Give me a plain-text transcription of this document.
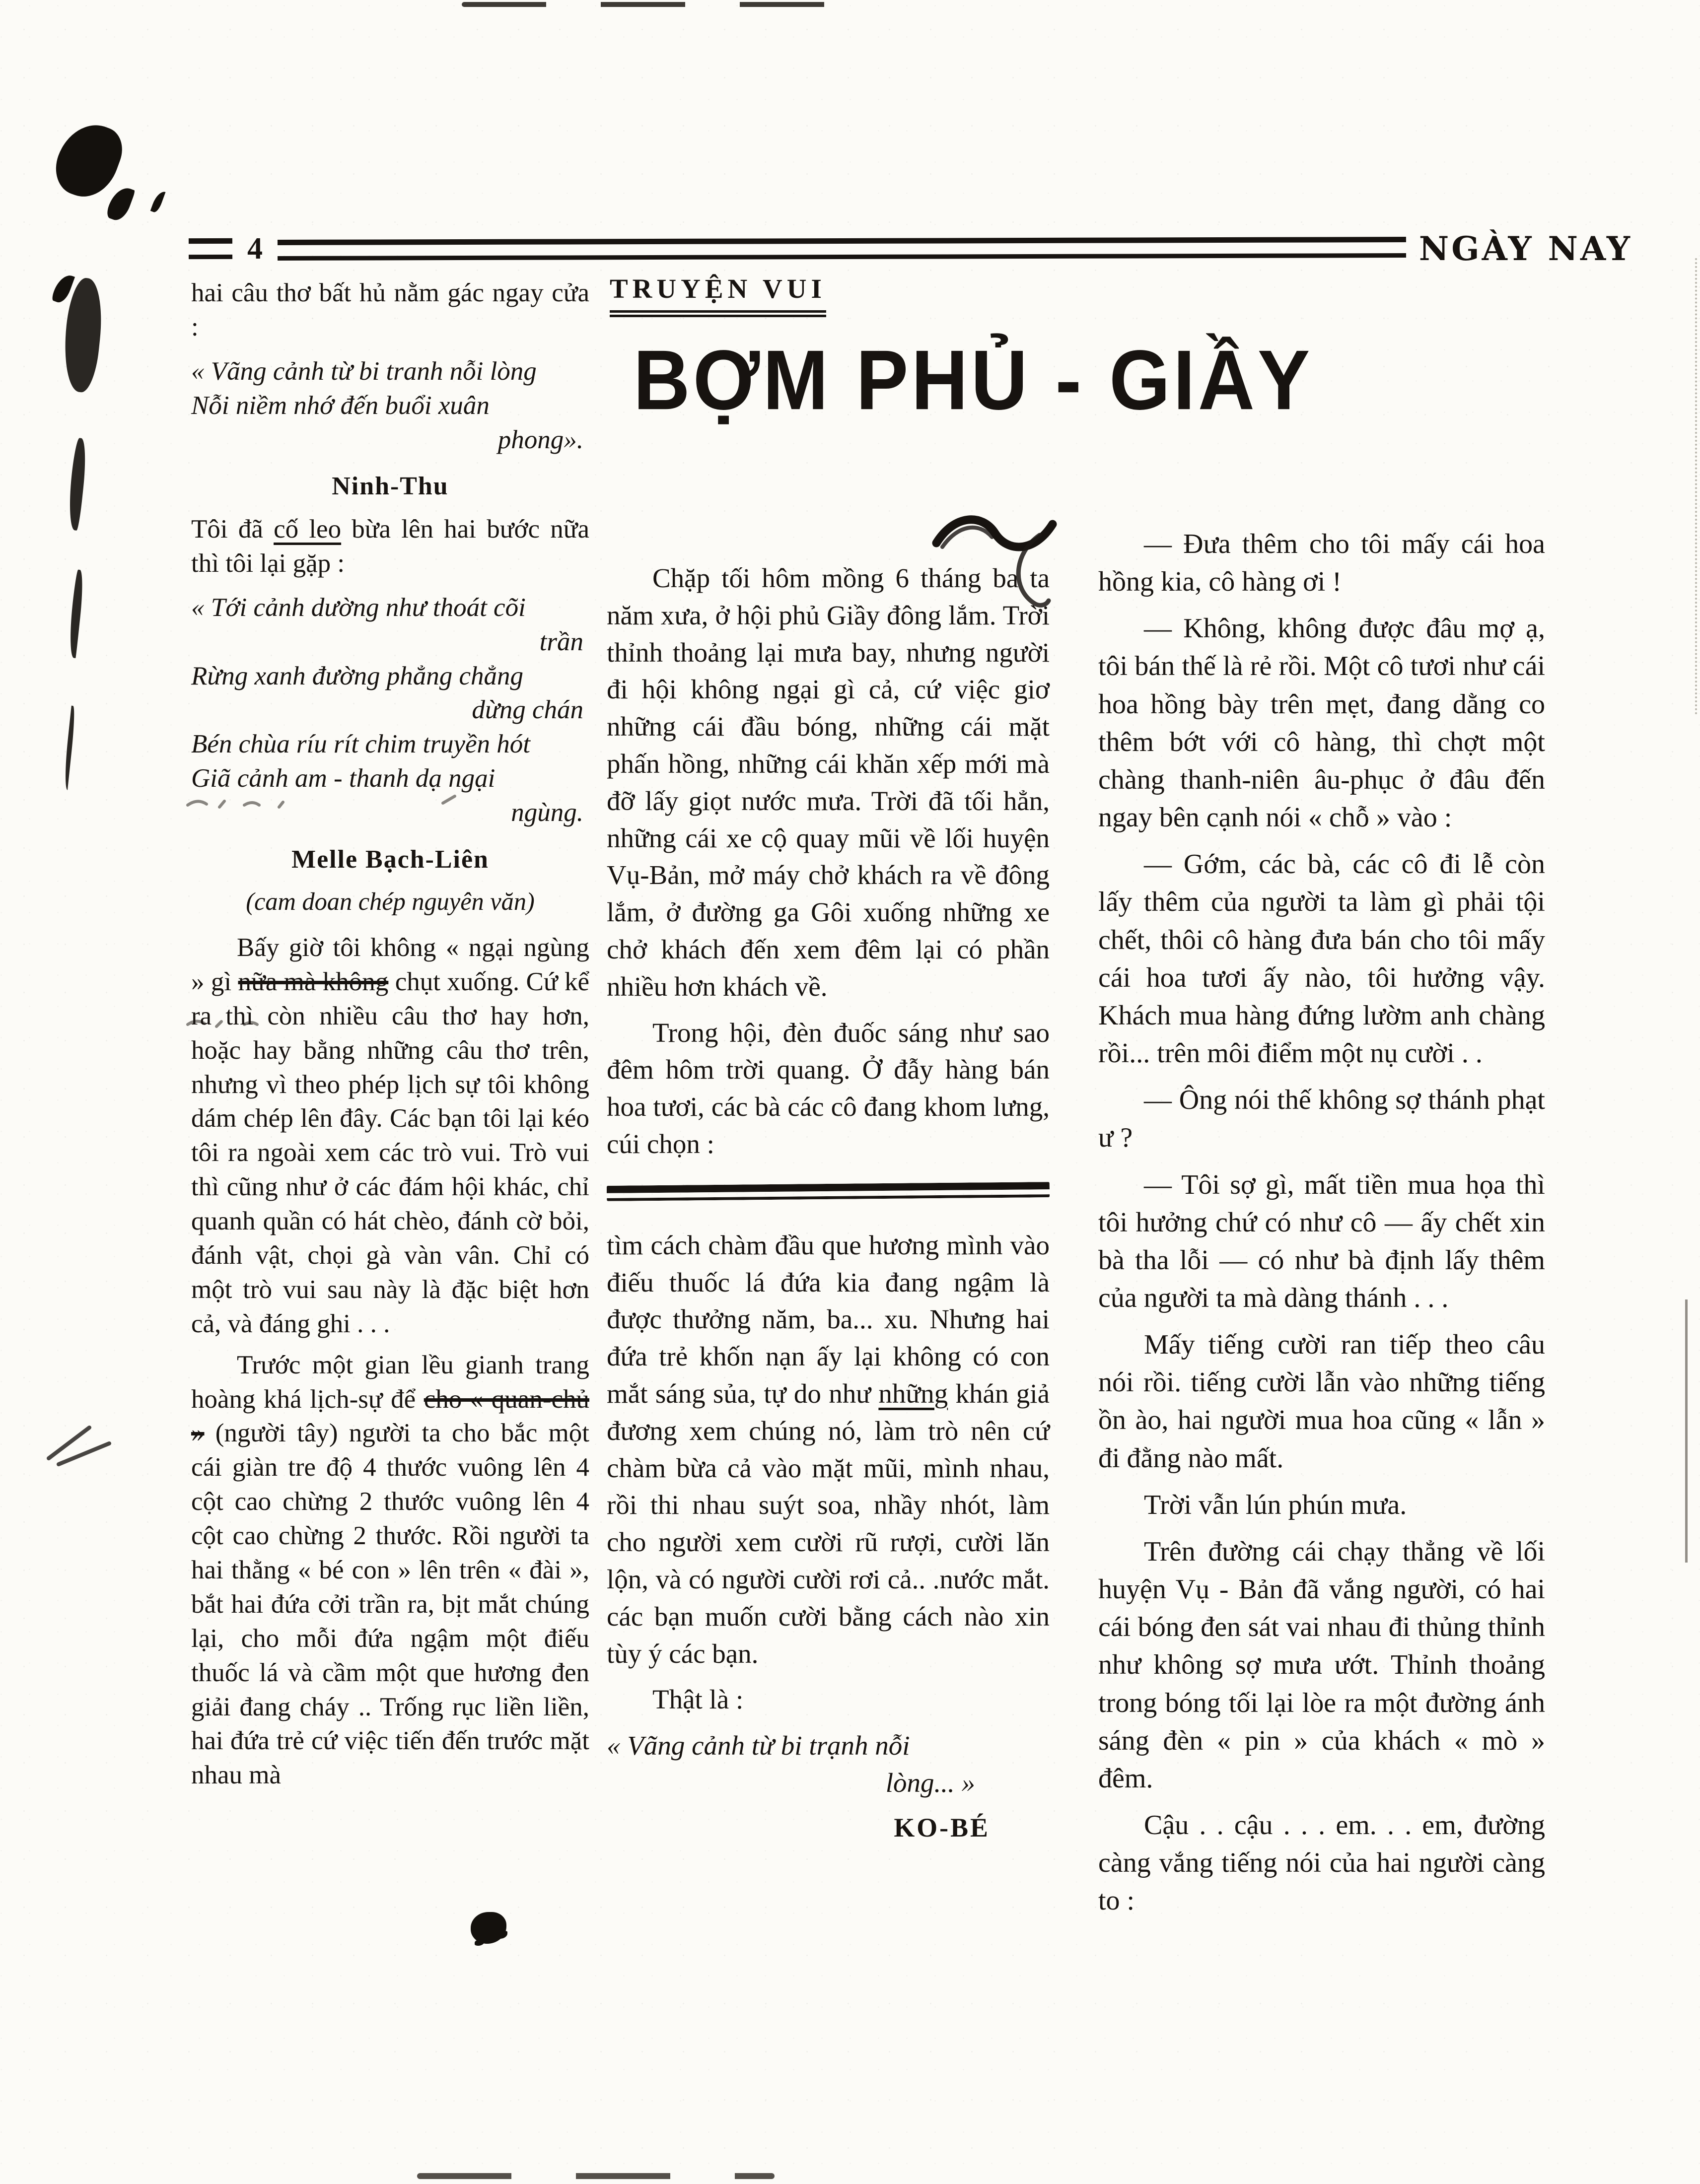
4	NGÀY NAY
TRUYỆN VUI
BỢM PHỦ - GIẦY

hai câu thơ bất hủ nằm gác ngay cửa :

« Vãng cảnh từ bi tranh nỗi lòng
Nỗi niềm nhớ đến buổi xuân
phong».

Ninh-Thu

Tôi đã cố leo bừa lên hai bước nữa thì tôi lại gặp :

« Tới cảnh dường như thoát cõi
trần
Rừng xanh đường phẳng chẳng
dừng chán
Bén chùa ríu rít chim truyền hót
Giã cảnh am - thanh dạ ngại
ngùng.

Melle Bạch-Liên

(cam doan chép nguyên văn)

Bấy giờ tôi không « ngại ngùng » gì nữa mà không chụt xuống. Cứ kể ra thì còn nhiều câu thơ hay hơn, hoặc hay bằng những câu thơ trên, nhưng vì theo phép lịch sự tôi không dám chép lên đây. Các bạn tôi lại kéo tôi ra ngoài xem các trò vui. Trò vui thì cũng như ở các đám hội khác, chỉ quanh quần có hát chèo, đánh cờ bỏi, đánh vật, chọi gà vàn vân. Chỉ có một trò vui sau này là đặc biệt hơn cả, và đáng ghi . . .

Trước một gian lều gianh trang hoàng khá lịch-sự để cho « quan-chủ » (người tây) người ta cho bắc một cái giàn tre độ 4 thước vuông lên 4 cột cao chừng 2 thước vuông lên 4 cột cao chừng 2 thước. Rồi người ta hai thằng « bé con » lên trên « đài », bắt hai đứa cởi trần ra, bịt mắt chúng lại, cho mỗi đứa ngậm một điếu thuốc lá và cầm một que hương đen giải đang cháy .. Trống rục liền liền, hai đứa trẻ cứ việc tiến đến trước mặt nhau mà

Chặp tối hôm mồng 6 tháng ba ta năm xưa, ở hội phủ Giầy đông lắm. Trời thỉnh thoảng lại mưa bay, nhưng người đi hội không ngại gì cả, cứ việc giơ những cái đầu bóng, những cái mặt phấn hồng, những cái khăn xếp mới mà đỡ lấy giọt nước mưa. Trời đã tối hẳn, những cái xe cộ quay mũi về lối huyện Vụ-Bản, mở máy chở khách ra về đông lắm, ở đường ga Gôi xuống những xe chở khách đến xem đêm lại có phần nhiều hơn khách về.

Trong hội, đèn đuốc sáng như sao đêm hôm trời quang. Ở đẫy hàng bán hoa tươi, các bà các cô đang khom lưng, cúi chọn :

tìm cách chàm đầu que hương mình vào điếu thuốc lá đứa kia đang ngậm là được thưởng năm, ba... xu. Nhưng hai đứa trẻ khốn nạn ấy lại không có con mắt sáng sủa, tự do như những khán giả đương xem chúng nó, làm trò nên cứ chàm bừa cả vào mặt mũi, mình nhau, rồi thi nhau suýt soa, nhầy nhót, làm cho người xem cười rũ rượi, cười lăn lộn, và có người cười rơi cả.. .nước mắt. các bạn muốn cười bằng cách nào xin tùy ý các bạn.

Thật là :

« Vãng cảnh từ bi trạnh nỗi
lòng... »

KO-BÉ

— Đưa thêm cho tôi mấy cái hoa hồng kia, cô hàng ơi !

— Không, không được đâu mợ ạ, tôi bán thế là rẻ rồi. Một cô tươi như cái hoa hồng bày trên mẹt, đang dằng co thêm bớt với cô hàng, thì chợt một chàng thanh-niên âu-phục ở đâu đến ngay bên cạnh nói « chỗ » vào :

— Gớm, các bà, các cô đi lễ còn lấy thêm của người ta làm gì phải tội chết, thôi cô hàng đưa bán cho tôi mấy cái hoa tươi ấy nào, tôi hưởng vậy. Khách mua hàng đứng lườm anh chàng rồi... trên môi điểm một nụ cười . .

— Ông nói thế không sợ thánh phạt ư ?

— Tôi sợ gì, mất tiền mua họa thì tôi hưởng chứ có như cô — ấy chết xin bà tha lỗi — có như bà định lấy thêm của người ta mà dàng thánh . . .

Mấy tiếng cười ran tiếp theo câu nói rồi. tiếng cười lẫn vào những tiếng ồn ào, hai người mua hoa cũng « lẫn » đi đằng nào mất.

Trời vẫn lún phún mưa.

Trên đường cái chạy thẳng về lối huyện Vụ - Bản đã vắng người, có hai cái bóng đen sát vai nhau đi thủng thỉnh như không sợ mưa ướt. Thỉnh thoảng trong bóng tối lại lòe ra một đường ánh sáng đèn « pin » của khách « mò » đêm.

Cậu . . cậu . . . em. . . em, đường càng vắng tiếng nói của hai người càng to :
